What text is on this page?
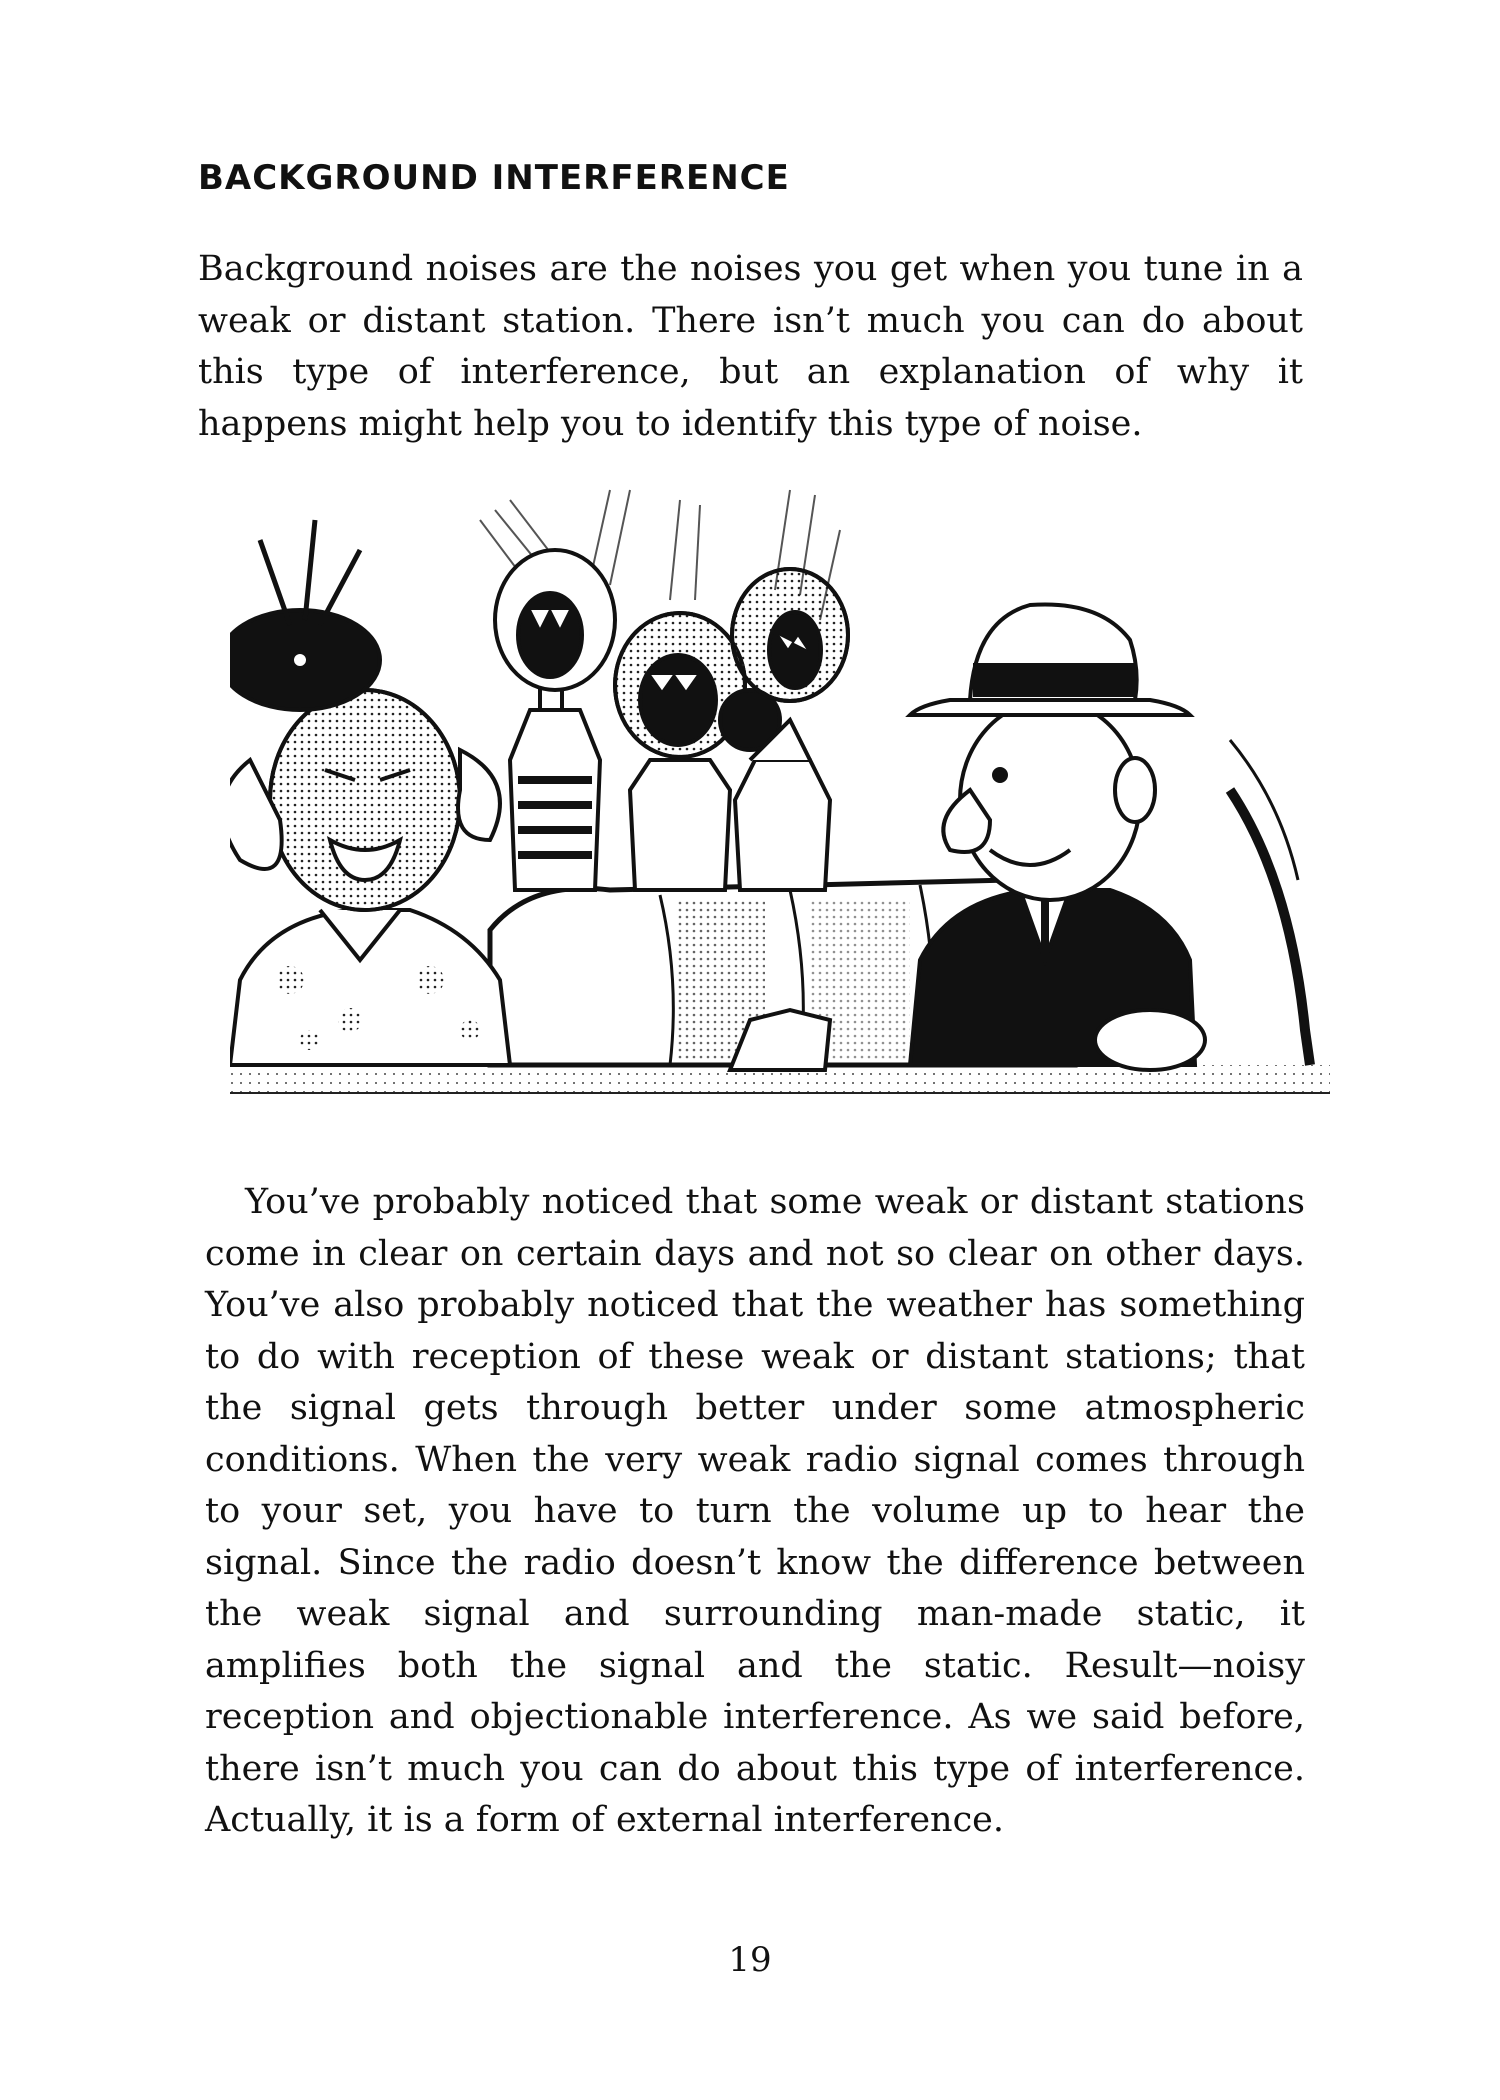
BACKGROUND INTERFERENCE

Background noises are the noises you get when you tune in a weak or distant station. There isn’t much you can do about this type of interference, but an explanation of why it happens might help you to identify this type of noise.

You’ve probably noticed that some weak or distant stations come in clear on certain days and not so clear on other days. You’ve also probably noticed that the weather has something to do with reception of these weak or distant stations; that the signal gets through better under some atmospheric conditions. When the very weak radio signal comes through to your set, you have to turn the volume up to hear the signal. Since the radio doesn’t know the difference between the weak signal and surrounding man-made static, it amplifies both the signal and the static. Result—noisy reception and objectionable interference. As we said before, there isn’t much you can do about this type of interference. Actually, it is a form of external interference.

19
